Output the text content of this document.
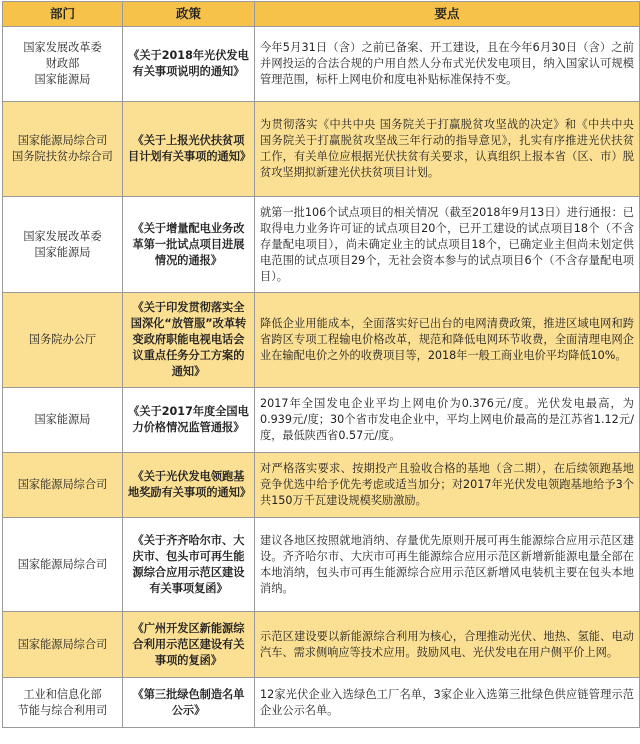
部门	政策	要点
国家发展改革委
财政部
国家能源局
《关于2018年光伏发电有关事项说明的通知》
今年5月31日（含）之前已备案、开工建设，且在今年6月30日（含）之前并网投运的合法合规的户用自然人分布式光伏发电项目，纳入国家认可规模管理范围，标杆上网电价和度电补贴标准保持不变。
国家能源局综合司
国务院扶贫办综合司
《关于上报光伏扶贫项目计划有关事项的通知》
为贯彻落实《中共中央 国务院关于打赢脱贫攻坚战的决定》和《中共中央 国务院关于打赢脱贫攻坚战三年行动的指导意见》，扎实有序推进光伏扶贫工作，有关单位应根据光伏扶贫有关要求，认真组织上报本省（区、市）脱贫攻坚期拟新建光伏扶贫项目计划。
国家发展改革委
国家能源局
《关于增量配电业务改革第一批试点项目进展情况的通报》
就第一批106个试点项目的相关情况（截至2018年9月13日）进行通报：已取得电力业务许可证的试点项目20个，已开工建设的试点项目18个（不含存量配电项目），尚未确定业主的试点项目18个，已确定业主但尚未划定供电范围的试点项目29个，无社会资本参与的试点项目6个（不含存量配电项目）。
国务院办公厅
《关于印发贯彻落实全国深化“放管服”改革转变政府职能电视电话会议重点任务分工方案的通知》
降低企业用能成本，全面落实好已出台的电网清费政策，推进区域电网和跨省跨区专项工程输电价格改革，规范和降低电网环节收费，全面清理电网企业在输配电价之外的收费项目等，2018年一般工商业电价平均降低10%。
国家能源局
《关于2017年度全国电力价格情况监管通报》
2017年全国发电企业平均上网电价为0.376元/度。光伏发电最高，为0.939元/度；30个省市发电企业中，平均上网电价最高的是江苏省1.12元/度，最低陕西省0.57元/度。
国家能源局综合司
《关于光伏发电领跑基地奖励有关事项的通知》
对严格落实要求、按期投产且验收合格的基地（含二期），在后续领跑基地竞争优选中给予优先考虑或适当加分；对2017年光伏发电领跑基地给予3个共150万千瓦建设规模奖励激励。
国家能源局综合司
《关于齐齐哈尔市、大庆市、包头市可再生能源综合应用示范区建设有关事项复函》
建议各地区按照就地消纳、存量优先原则开展可再生能源综合应用示范区建设。齐齐哈尔市、大庆市可再生能源综合应用示范区新增新能源电量全部在本地消纳，包头市可再生能源综合应用示范区新增风电装机主要在包头本地消纳。
国家能源局综合司
《广州开发区新能源综合利用示范区建设有关事项的复函》
示范区建设要以新能源综合利用为核心，合理推动光伏、地热、氢能、电动汽车、需求侧响应等技术应用。鼓励风电、光伏发电在用户侧平价上网。
工业和信息化部
节能与综合利用司
《第三批绿色制造名单公示》
12家光伏企业入选绿色工厂名单，3家企业入选第三批绿色供应链管理示范企业公示名单。
